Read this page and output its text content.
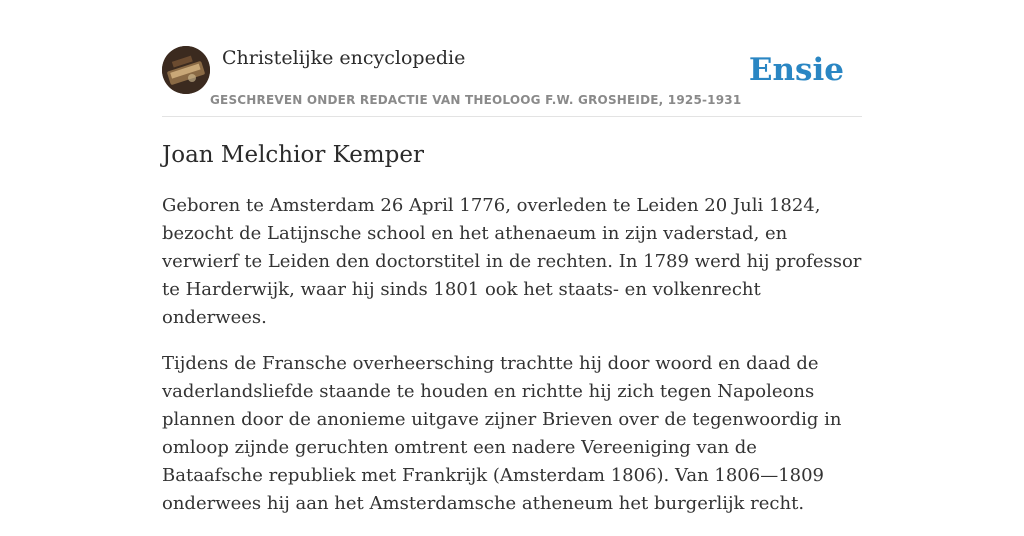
Christelijke encyclopedie
GESCHREVEN ONDER REDACTIE VAN THEOLOOG F.W. GROSHEIDE, 1925-1931
Ensie
Joan Melchior Kemper

Geboren te Amsterdam 26 April 1776, overleden te Leiden 20 Juli 1824, bezocht de Latijnsche school en het athenaeum in zijn vaderstad, en verwierf te Leiden den doctorstitel in de rechten. In 1789 werd hij professor te Harderwijk, waar hij sinds 1801 ook het staats- en volkenrecht onderwees.

Tijdens de Fransche overheersching trachtte hij door woord en daad de vaderlandsliefde staande te houden en richtte hij zich tegen Napoleons plannen door de anonieme uitgave zijner Brieven over de tegenwoordig in omloop zijnde geruchten omtrent een nadere Vereeniging van de Bataafsche republiek met Frankrijk (Amsterdam 1806). Van 1806—1809 onderwees hij aan het Amsterdamsche atheneum het burgerlijk recht.
